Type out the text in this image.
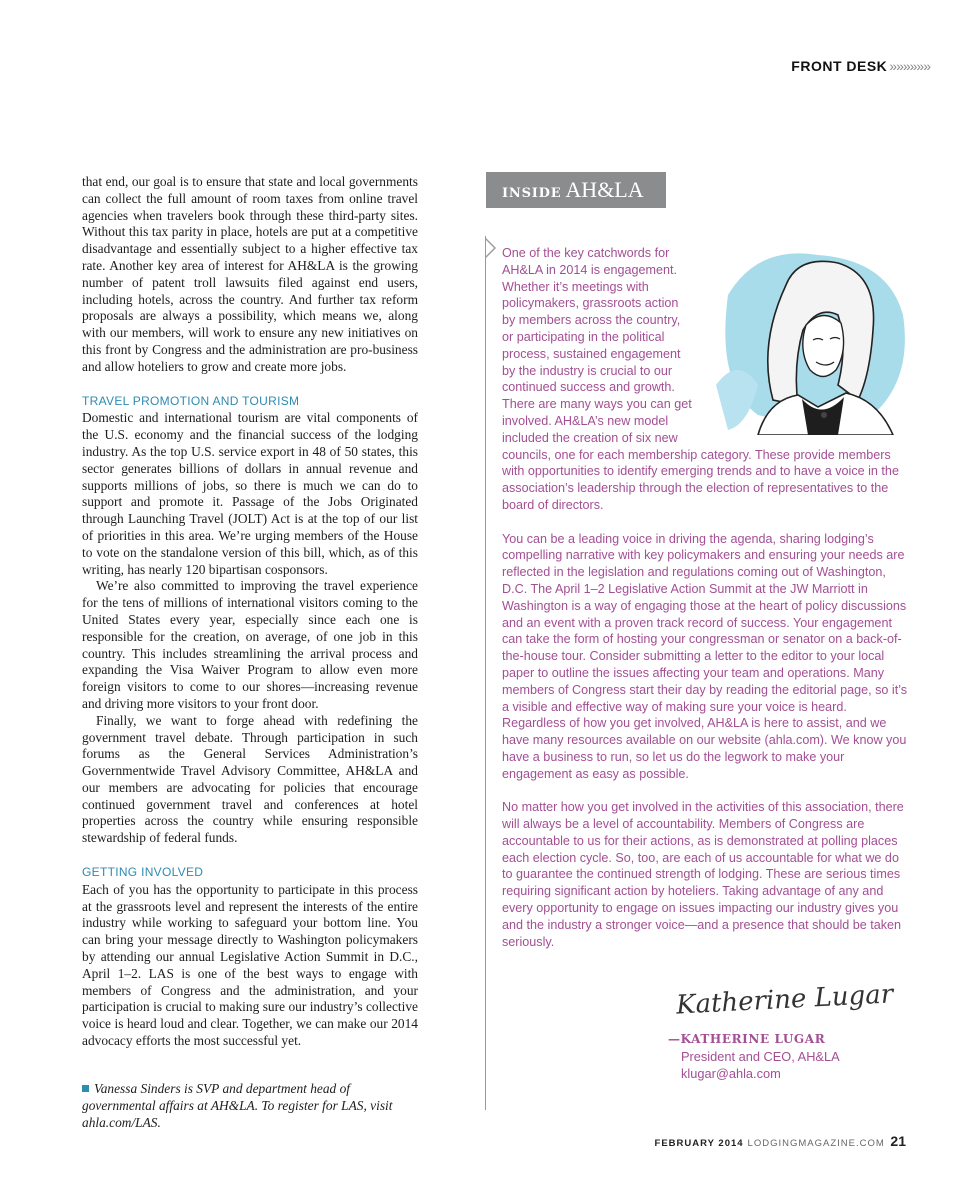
FRONT DESK »»»»»»

that end, our goal is to ensure that state and local governments can collect the full amount of room taxes from online travel agencies when travelers book through these third-party sites. Without this tax parity in place, hotels are put at a competitive disadvantage and essentially subject to a higher effective tax rate. Another key area of interest for AH&LA is the growing number of patent troll lawsuits filed against end users, including hotels, across the country. And further tax reform proposals are always a possibility, which means we, along with our members, will work to ensure any new initiatives on this front by Congress and the administration are pro-business and allow hoteliers to grow and create more jobs.

TRAVEL PROMOTION AND TOURISM

Domestic and international tourism are vital components of the U.S. economy and the financial success of the lodging industry. As the top U.S. service export in 48 of 50 states, this sector generates billions of dollars in annual revenue and supports millions of jobs, so there is much we can do to support and promote it. Passage of the Jobs Originated through Launching Travel (JOLT) Act is at the top of our list of priorities in this area. We’re urging members of the House to vote on the standalone version of this bill, which, as of this writing, has nearly 120 bipartisan cosponsors.

We’re also committed to improving the travel experience for the tens of millions of international visitors coming to the United States every year, especially since each one is responsible for the creation, on average, of one job in this country. This includes streamlining the arrival process and expanding the Visa Waiver Program to allow even more foreign visitors to come to our shores—increasing revenue and driving more visitors to your front door.

Finally, we want to forge ahead with redefining the government travel debate. Through participation in such forums as the General Services Administration’s Governmentwide Travel Advisory Committee, AH&LA and our members are advocating for policies that encourage continued government travel and conferences at hotel properties across the country while ensuring responsible stewardship of federal funds.

GETTING INVOLVED

Each of you has the opportunity to participate in this process at the grassroots level and represent the interests of the entire industry while working to safeguard your bottom line. You can bring your message directly to Washington policymakers by attending our annual Legislative Action Summit in D.C., April 1–2. LAS is one of the best ways to engage with members of Congress and the administration, and your participation is crucial to making sure our industry’s collective voice is heard loud and clear. Together, we can make our 2014 advocacy efforts the most successful yet.

Vanessa Sinders is SVP and department head of governmental affairs at AH&LA. To register for LAS, visit ahla.com/LAS.
INSIDE AH&LA

One of the key catchwords for AH&LA in 2014 is engagement. Whether it’s meetings with policymakers, grassroots action by members across the country, or participating in the political process, sustained engagement by the industry is crucial to our continued success and growth. There are many ways you can get involved. AH&LA’s new model included the creation of six new councils, one for each membership category. These provide members with opportunities to identify emerging trends and to have a voice in the association’s leadership through the election of representatives to the board of directors.

You can be a leading voice in driving the agenda, sharing lodging’s compelling narrative with key policymakers and ensuring your needs are reflected in the legislation and regulations coming out of Washington, D.C. The April 1–2 Legislative Action Summit at the JW Marriott in Washington is a way of engaging those at the heart of policy discussions and an event with a proven track record of success. Your engagement can take the form of hosting your congressman or senator on a back-of-the-house tour. Consider submitting a letter to the editor to your local paper to outline the issues affecting your team and operations. Many members of Congress start their day by reading the editorial page, so it’s a visible and effective way of making sure your voice is heard. Regardless of how you get involved, AH&LA is here to assist, and we have many resources available on our website (ahla.com). We know you have a business to run, so let us do the legwork to make your engagement as easy as possible.

No matter how you get involved in the activities of this association, there will always be a level of accountability. Members of Congress are accountable to us for their actions, as is demonstrated at polling places each election cycle. So, too, are each of us accountable for what we do to guarantee the continued strength of lodging. These are serious times requiring significant action by hoteliers. Taking advantage of any and every opportunity to engage on issues impacting our industry gives you and the industry a stronger voice—and a presence that should be taken seriously.

Katherine Lugar
—KATHERINE LUGAR
President and CEO, AH&LA
klugar@ahla.com
FEBRUARY 2014 LODGINGMAGAZINE.COM 21
